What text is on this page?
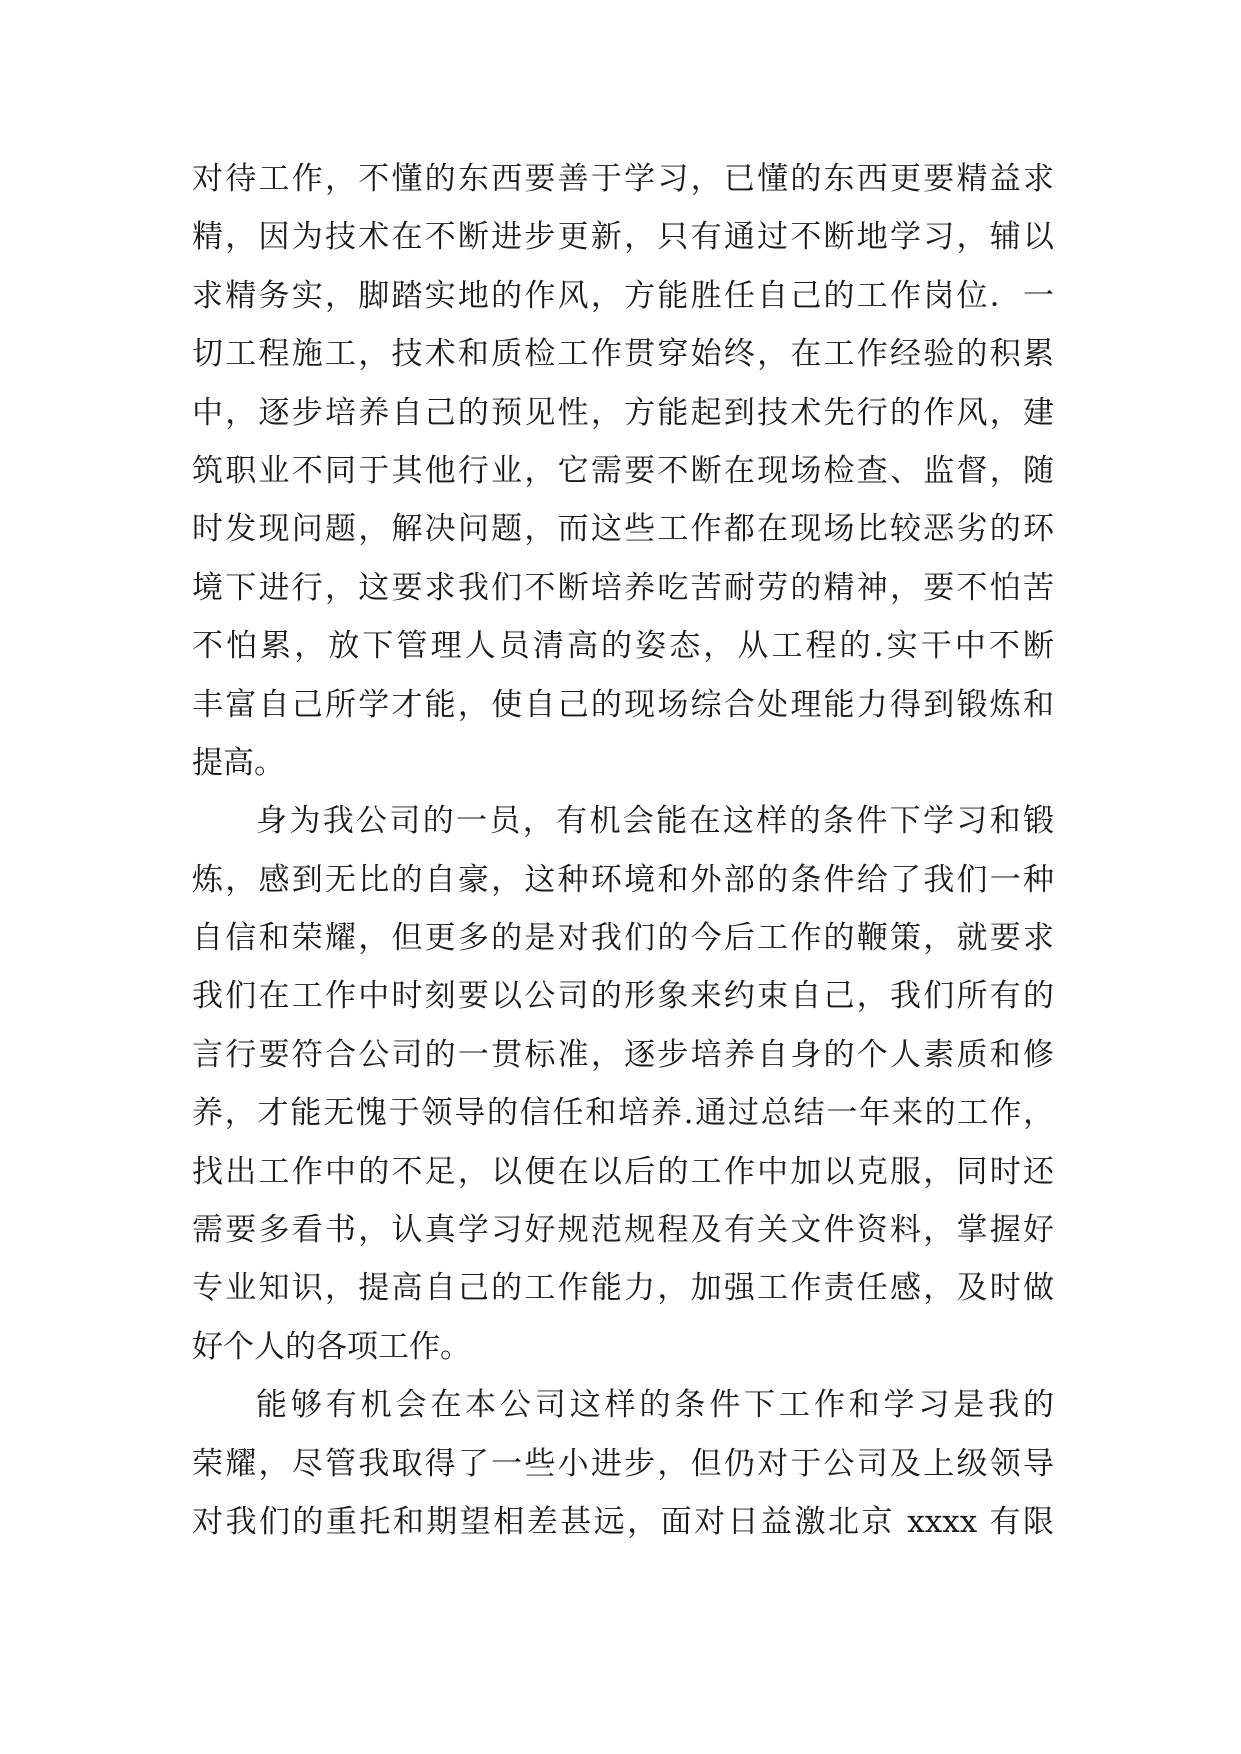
对待工作，不懂的东西要善于学习，已懂的东西更要精益求
精，因为技术在不断进步更新，只有通过不断地学习，辅以
求精务实，脚踏实地的作风，方能胜任自己的工作岗位．一
切工程施工，技术和质检工作贯穿始终，在工作经验的积累
中，逐步培养自己的预见性，方能起到技术先行的作风，建
筑职业不同于其他行业，它需要不断在现场检查、监督，随
时发现问题，解决问题，而这些工作都在现场比较恶劣的环
境下进行，这要求我们不断培养吃苦耐劳的精神，要不怕苦
不怕累，放下管理人员清高的姿态，从工程的.实干中不断
丰富自己所学才能，使自己的现场综合处理能力得到锻炼和
提高。
身为我公司的一员，有机会能在这样的条件下学习和锻
炼，感到无比的自豪，这种环境和外部的条件给了我们一种
自信和荣耀，但更多的是对我们的今后工作的鞭策，就要求
我们在工作中时刻要以公司的形象来约束自己，我们所有的
言行要符合公司的一贯标准，逐步培养自身的个人素质和修
养，才能无愧于领导的信任和培养.通过总结一年来的工作，
找出工作中的不足，以便在以后的工作中加以克服，同时还
需要多看书，认真学习好规范规程及有关文件资料，掌握好
专业知识，提高自己的工作能力，加强工作责任感，及时做
好个人的各项工作。
能够有机会在本公司这样的条件下工作和学习是我的
荣耀，尽管我取得了一些小进步，但仍对于公司及上级领导
对我们的重托和期望相差甚远，面对日益激北京 xxxx 有限
